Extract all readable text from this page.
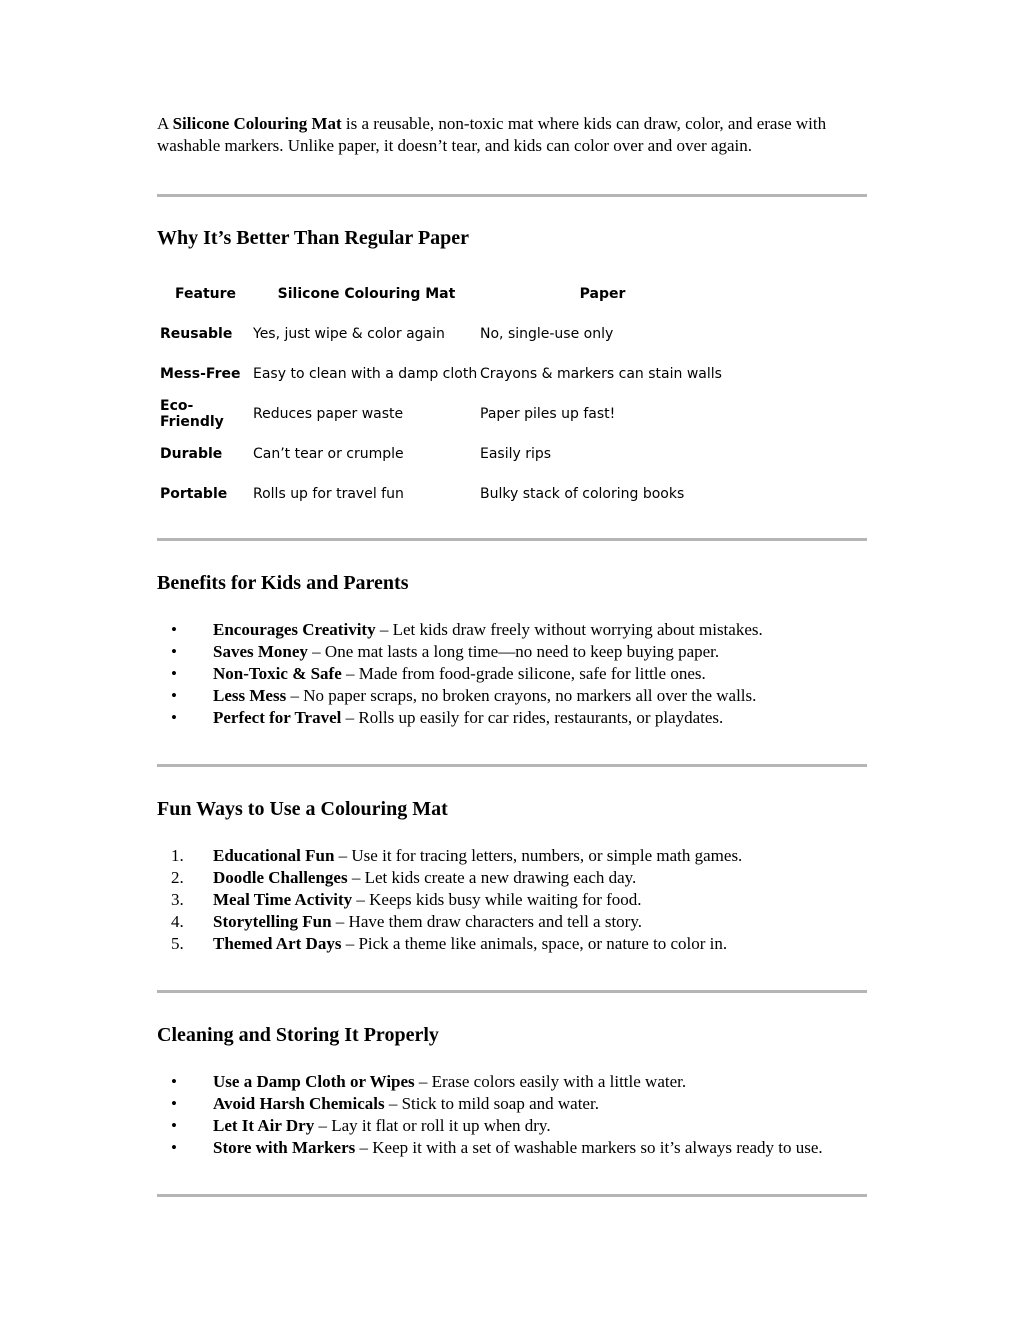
A Silicone Colouring Mat is a reusable, non-toxic mat where kids can draw, color, and erase with washable markers. Unlike paper, it doesn’t tear, and kids can color over and over again.

Why It’s Better Than Regular Paper
Feature	Silicone Colouring Mat	Paper
Reusable	Yes, just wipe & color again	No, single-use only
Mess-Free	Easy to clean with a damp cloth	Crayons & markers can stain walls
Eco-Friendly	Reduces paper waste	Paper piles up fast!
Durable	Can’t tear or crumple	Easily rips
Portable	Rolls up for travel fun	Bulky stack of coloring books
Benefits for Kids and Parents
•	Encourages Creativity – Let kids draw freely without worrying about mistakes.
•	Saves Money – One mat lasts a long time—no need to keep buying paper.
•	Non-Toxic & Safe – Made from food-grade silicone, safe for little ones.
•	Less Mess – No paper scraps, no broken crayons, no markers all over the walls.
•	Perfect for Travel – Rolls up easily for car rides, restaurants, or playdates.
Fun Ways to Use a Colouring Mat
1.	Educational Fun – Use it for tracing letters, numbers, or simple math games.
2.	Doodle Challenges – Let kids create a new drawing each day.
3.	Meal Time Activity – Keeps kids busy while waiting for food.
4.	Storytelling Fun – Have them draw characters and tell a story.
5.	Themed Art Days – Pick a theme like animals, space, or nature to color in.
Cleaning and Storing It Properly
•	Use a Damp Cloth or Wipes – Erase colors easily with a little water.
•	Avoid Harsh Chemicals – Stick to mild soap and water.
•	Let It Air Dry – Lay it flat or roll it up when dry.
•	Store with Markers – Keep it with a set of washable markers so it’s always ready to use.
